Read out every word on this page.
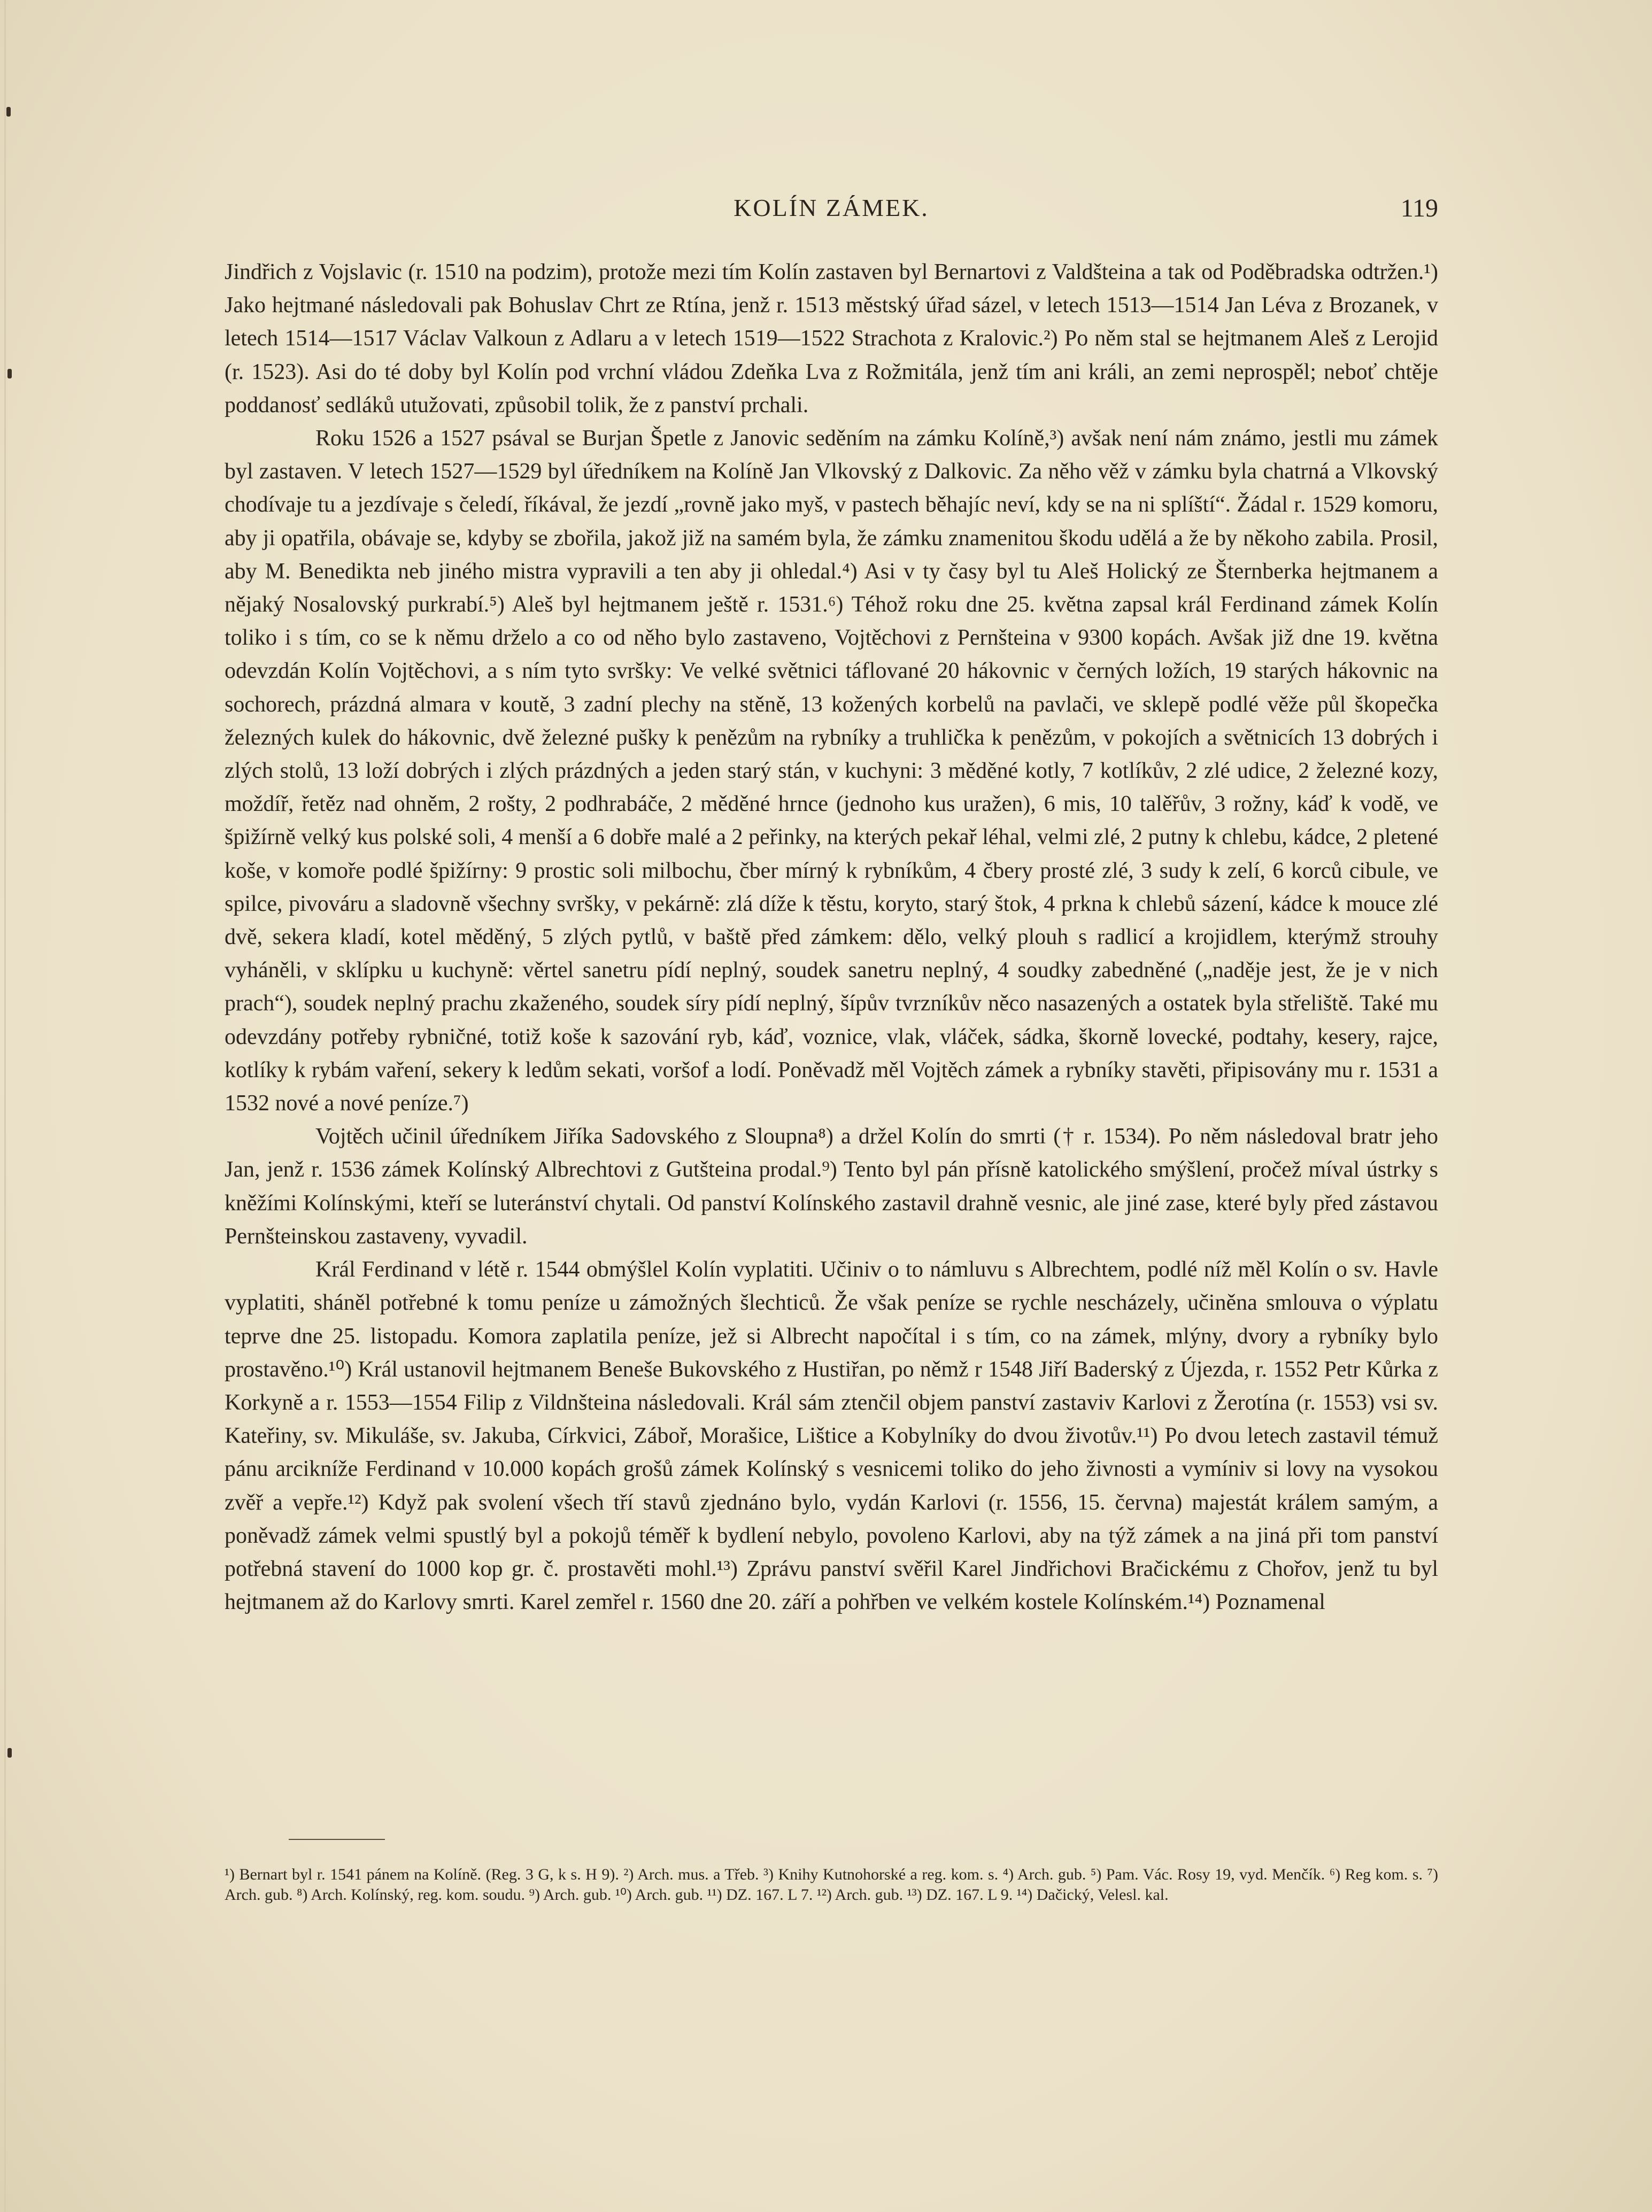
KOLÍN ZÁMEK.	119

Jindřich z Vojslavic (r. 1510 na podzim), protože mezi tím Kolín zastaven byl Bernartovi z Valdšteina a tak od Poděbradska odtržen.¹) Jako hejtmané následovali pak Bohuslav Chrt ze Rtína, jenž r. 1513 městský úřad sázel, v letech 1513—1514 Jan Léva z Brozanek, v letech 1514—1517 Václav Valkoun z Adlaru a v letech 1519—1522 Strachota z Kralovic.²) Po něm stal se hejtmanem Aleš z Lerojid (r. 1523). Asi do té doby byl Kolín pod vrchní vládou Zdeňka Lva z Rožmitála, jenž tím ani králi, an zemi neprospěl; neboť chtěje poddanosť sedláků utužovati, způsobil tolik, že z panství prchali.

Roku 1526 a 1527 psával se Burjan Špetle z Janovic seděním na zámku Kolíně,³) avšak není nám známo, jestli mu zámek byl zastaven. V letech 1527—1529 byl úředníkem na Kolíně Jan Vlkovský z Dalkovic. Za něho věž v zámku byla chatrná a Vlkovský chodívaje tu a jezdívaje s čeledí, říkával, že jezdí „rovně jako myš, v pastech běhajíc neví, kdy se na ni splíští“. Žádal r. 1529 komoru, aby ji opatřila, obávaje se, kdyby se zbořila, jakož již na samém byla, že zámku znamenitou škodu udělá a že by někoho zabila. Prosil, aby M. Benedikta neb jiného mistra vypravili a ten aby ji ohledal.⁴) Asi v ty časy byl tu Aleš Holický ze Šternberka hejtmanem a nějaký Nosalovský purkrabí.⁵) Aleš byl hejtmanem ještě r. 1531.⁶) Téhož roku dne 25. května zapsal král Ferdinand zámek Kolín toliko i s tím, co se k němu drželo a co od něho bylo zastaveno, Vojtěchovi z Pernšteina v 9300 kopách. Avšak již dne 19. května odevzdán Kolín Vojtěchovi, a s ním tyto svršky: Ve velké světnici táflované 20 hákovnic v černých ložích, 19 starých hákovnic na sochorech, prázdná almara v koutě, 3 zadní plechy na stěně, 13 kožených korbelů na pavlači, ve sklepě podlé věže půl škopečka železných kulek do hákovnic, dvě železné pušky k penězům na rybníky a truhlička k penězům, v pokojích a světnicích 13 dobrých i zlých stolů, 13 loží dobrých i zlých prázdných a jeden starý stán, v kuchyni: 3 měděné kotly, 7 kotlíkův, 2 zlé udice, 2 železné kozy, moždíř, řetěz nad ohněm, 2 rošty, 2 podhrabáče, 2 měděné hrnce (jednoho kus uražen), 6 mis, 10 talěřův, 3 rožny, káď k vodě, ve špižírně velký kus polské soli, 4 menší a 6 dobře malé a 2 peřinky, na kterých pekař léhal, velmi zlé, 2 putny k chlebu, kádce, 2 pletené koše, v komoře podlé špižírny: 9 prostic soli milbochu, čber mírný k rybníkům, 4 čbery prosté zlé, 3 sudy k zelí, 6 korců cibule, ve spilce, pivováru a sladovně všechny svršky, v pekárně: zlá díže k těstu, koryto, starý štok, 4 prkna k chlebů sázení, kádce k mouce zlé dvě, sekera kladí, kotel měděný, 5 zlých pytlů, v baště před zámkem: dělo, velký plouh s radlicí a krojidlem, kterýmž strouhy vyháněli, v sklípku u kuchyně: věrtel sanetru pídí neplný, soudek sanetru neplný, 4 soudky zabedněné („naděje jest, že je v nich prach“), soudek neplný prachu zkaženého, soudek síry pídí neplný, šípův tvrzníkův něco nasazených a ostatek byla střeliště. Také mu odevzdány potřeby rybničné, totiž koše k sazování ryb, káď, voznice, vlak, vláček, sádka, škorně lovecké, podtahy, kesery, rajce, kotlíky k rybám vaření, sekery k ledům sekati, voršof a lodí. Poněvadž měl Vojtěch zámek a rybníky stavěti, připisovány mu r. 1531 a 1532 nové a nové peníze.⁷)

Vojtěch učinil úředníkem Jiříka Sadovského z Sloupna⁸) a držel Kolín do smrti († r. 1534). Po něm následoval bratr jeho Jan, jenž r. 1536 zámek Kolínský Albrechtovi z Gutšteina prodal.⁹) Tento byl pán přísně katolického smýšlení, pročež míval ústrky s kněžími Kolínskými, kteří se luteránství chytali. Od panství Kolínského zastavil drahně vesnic, ale jiné zase, které byly před zástavou Pernšteinskou zastaveny, vyvadil.

Král Ferdinand v létě r. 1544 obmýšlel Kolín vyplatiti. Učiniv o to námluvu s Albrechtem, podlé níž měl Kolín o sv. Havle vyplatiti, sháněl potřebné k tomu peníze u zámožných šlechticů. Že však peníze se rychle nescházely, učiněna smlouva o výplatu teprve dne 25. listopadu. Komora zaplatila peníze, jež si Albrecht napočítal i s tím, co na zámek, mlýny, dvory a rybníky bylo prostavěno.¹⁰) Král ustanovil hejtmanem Beneše Bukovského z Hustiřan, po němž r 1548 Jiří Baderský z Újezda, r. 1552 Petr Kůrka z Korkyně a r. 1553—1554 Filip z Vildnšteina následovali. Král sám ztenčil objem panství zastaviv Karlovi z Žerotína (r. 1553) vsi sv. Kateřiny, sv. Mikuláše, sv. Jakuba, Církvici, Záboř, Morašice, Lištice a Kobylníky do dvou životův.¹¹) Po dvou letech zastavil témuž pánu arcikníže Ferdinand v 10.000 kopách grošů zámek Kolínský s vesnicemi toliko do jeho živnosti a vymíniv si lovy na vysokou zvěř a vepře.¹²) Když pak svolení všech tří stavů zjednáno bylo, vydán Karlovi (r. 1556, 15. června) majestát králem samým, a poněvadž zámek velmi spustlý byl a pokojů téměř k bydlení nebylo, povoleno Karlovi, aby na týž zámek a na jiná při tom panství potřebná stavení do 1000 kop gr. č. prostavěti mohl.¹³) Zprávu panství svěřil Karel Jindřichovi Bračickému z Chořov, jenž tu byl hejtmanem až do Karlovy smrti. Karel zemřel r. 1560 dne 20. září a pohřben ve velkém kostele Kolínském.¹⁴) Poznamenal

¹) Bernart byl r. 1541 pánem na Kolíně. (Reg. 3 G, k s. H 9). ²) Arch. mus. a Třeb. ³) Knihy Kutnohorské a reg. kom. s. ⁴) Arch. gub. ⁵) Pam. Vác. Rosy 19, vyd. Menčík. ⁶) Reg kom. s. ⁷) Arch. gub. ⁸) Arch. Kolínský, reg. kom. soudu. ⁹) Arch. gub. ¹⁰) Arch. gub. ¹¹) DZ. 167. L 7. ¹²) Arch. gub. ¹³) DZ. 167. L 9. ¹⁴) Dačický, Velesl. kal.
